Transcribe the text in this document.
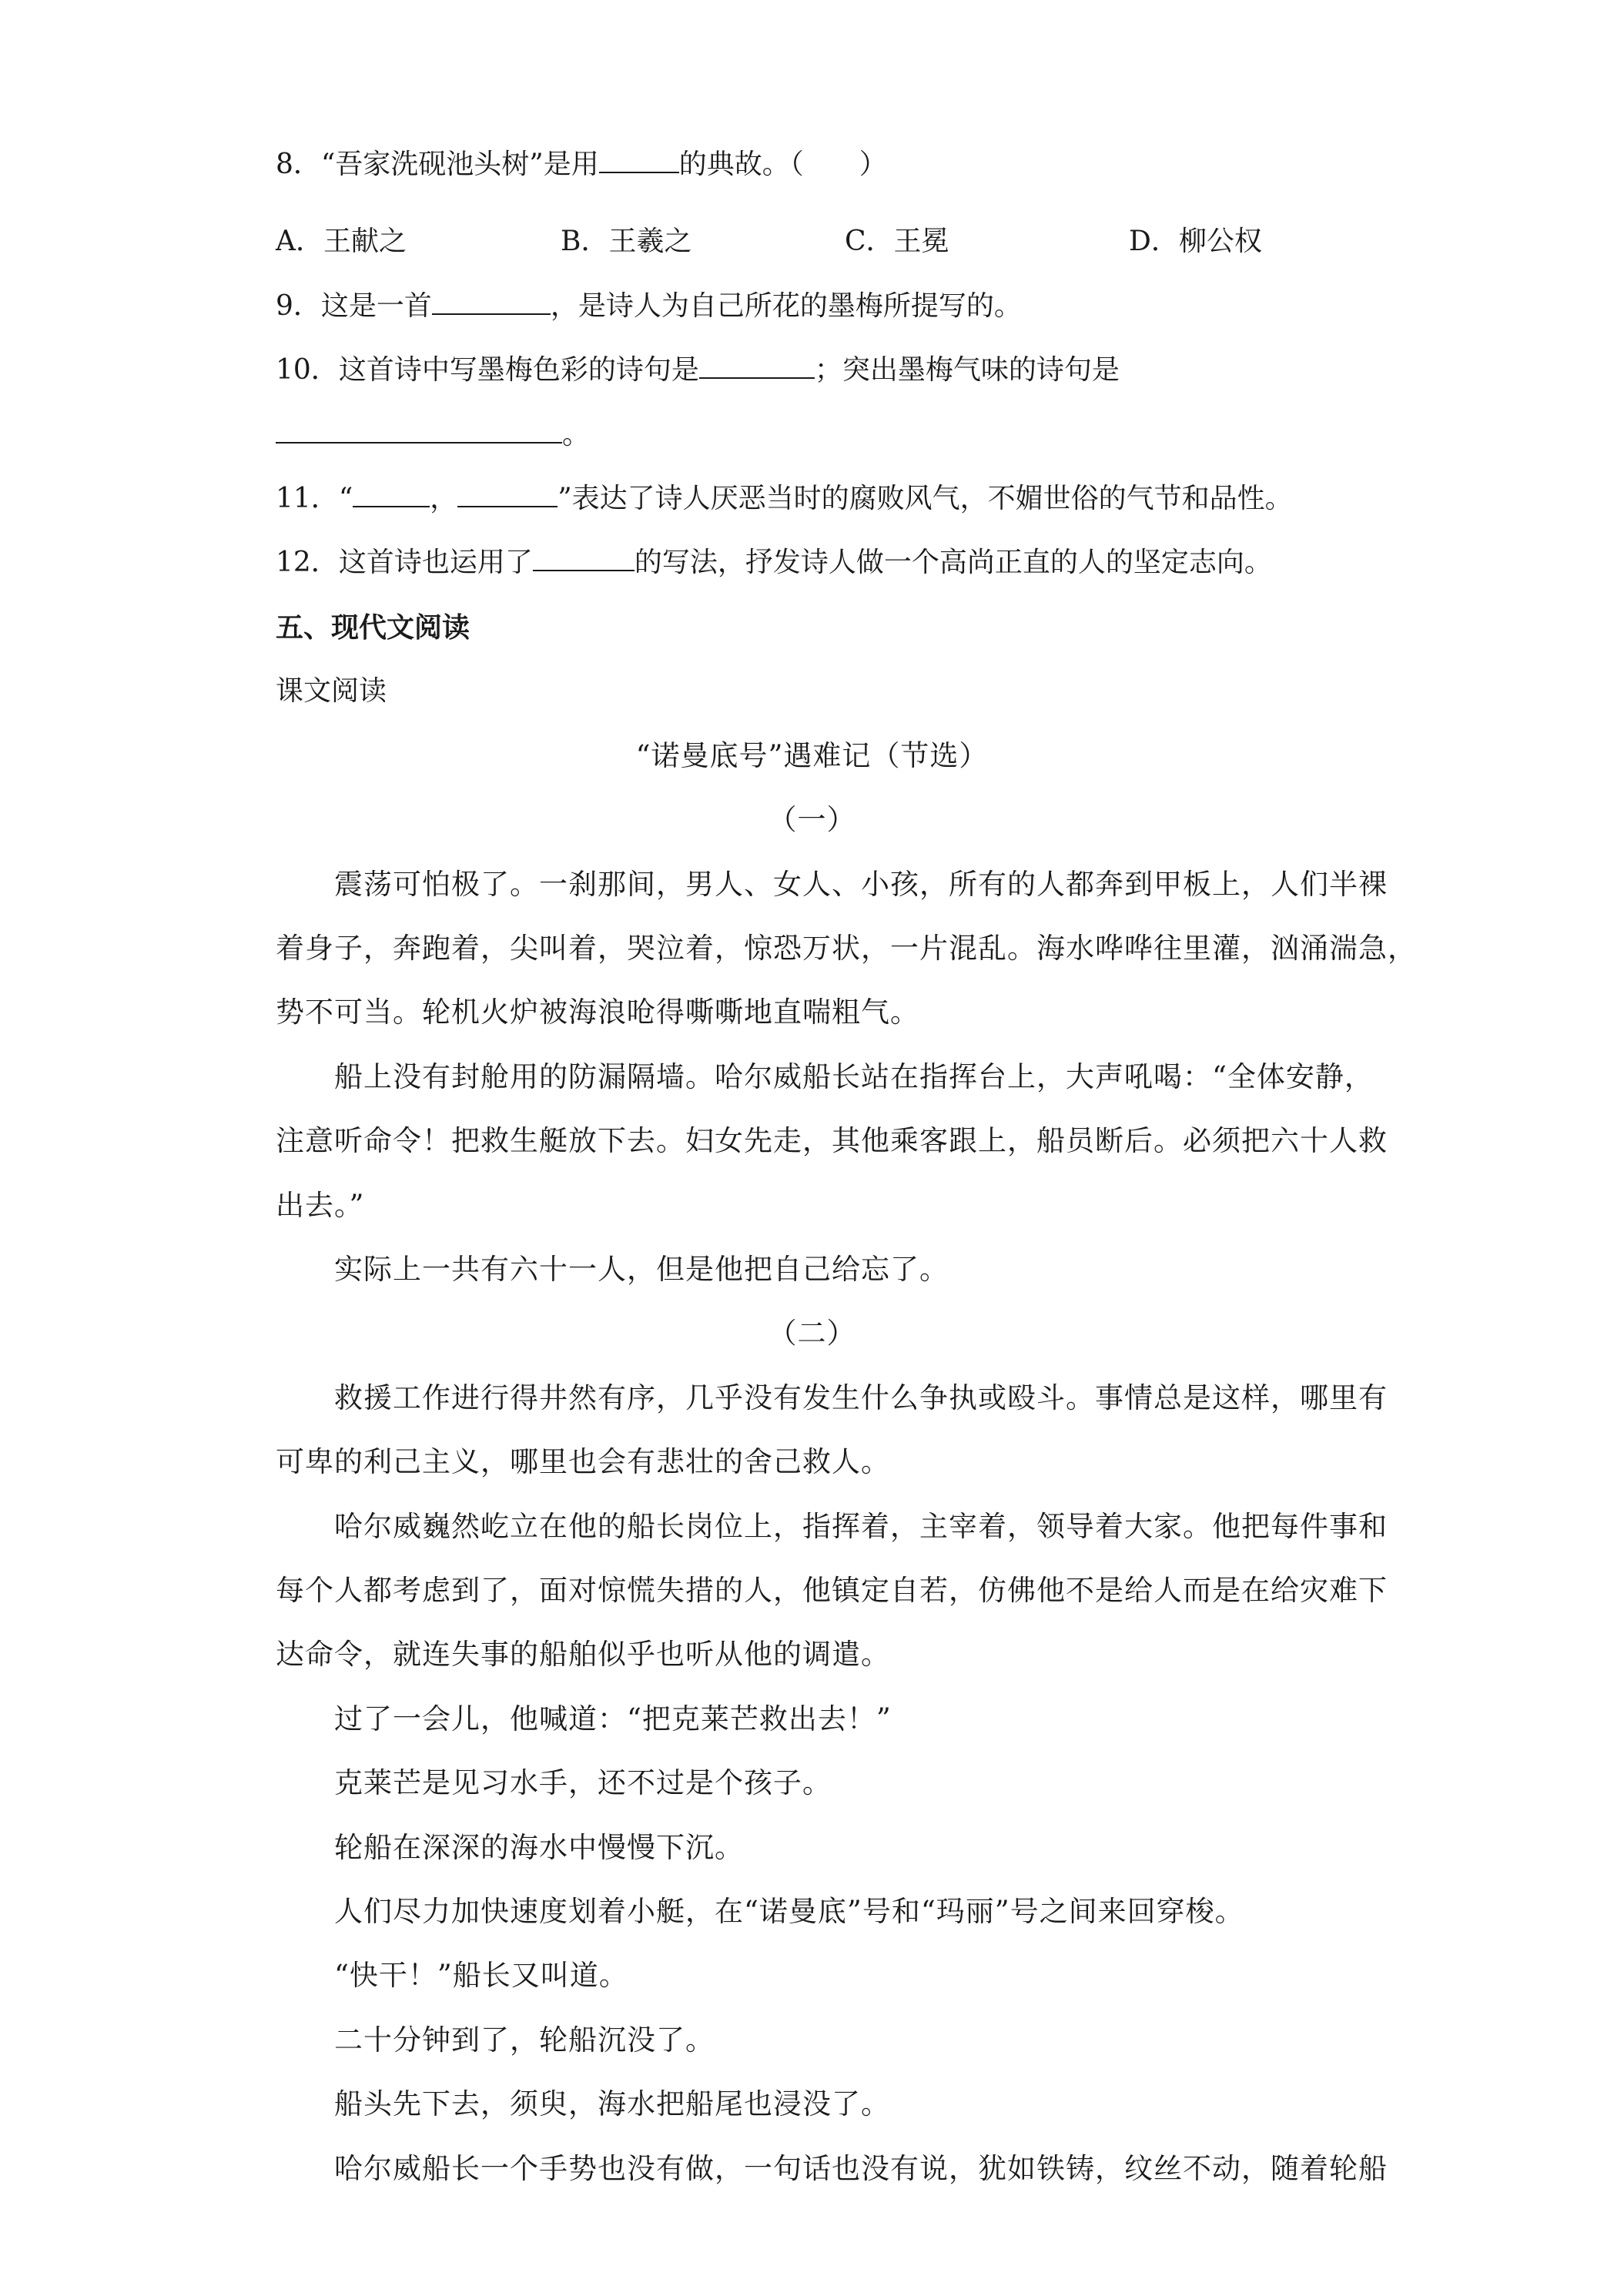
8．“吾家洗砚池头树”是用	的典故。（　　）

A．王献之	B．王羲之	C．王冕	D．柳公权

9．这是一首	，是诗人为自己所花的墨梅所提写的。

10．这首诗中写墨梅色彩的诗句是	；突出墨梅气味的诗句是

。

11．“	，	”表达了诗人厌恶当时的腐败风气，不媚世俗的气节和品性。

12．这首诗也运用了	的写法，抒发诗人做一个高尚正直的人的坚定志向。

五、现代文阅读

课文阅读

“诺曼底号”遇难记（节选）

（一）

震荡可怕极了。一刹那间，男人、女人、小孩，所有的人都奔到甲板上，人们半裸

着身子，奔跑着，尖叫着，哭泣着，惊恐万状，一片混乱。海水哗哗往里灌，汹涌湍急，

势不可当。轮机火炉被海浪呛得嘶嘶地直喘粗气。

船上没有封舱用的防漏隔墙。哈尔威船长站在指挥台上，大声吼喝：“全体安静，

注意听命令！把救生艇放下去。妇女先走，其他乘客跟上，船员断后。必须把六十人救

出去。”

实际上一共有六十一人，但是他把自己给忘了。

（二）

救援工作进行得井然有序，几乎没有发生什么争执或殴斗。事情总是这样，哪里有

可卑的利己主义，哪里也会有悲壮的舍己救人。

哈尔威巍然屹立在他的船长岗位上，指挥着，主宰着，领导着大家。他把每件事和

每个人都考虑到了，面对惊慌失措的人，他镇定自若，仿佛他不是给人而是在给灾难下

达命令，就连失事的船舶似乎也听从他的调遣。

过了一会儿，他喊道：“把克莱芒救出去！”

克莱芒是见习水手，还不过是个孩子。

轮船在深深的海水中慢慢下沉。

人们尽力加快速度划着小艇，在“诺曼底”号和“玛丽”号之间来回穿梭。

“快干！”船长又叫道。

二十分钟到了，轮船沉没了。

船头先下去，须臾，海水把船尾也浸没了。

哈尔威船长一个手势也没有做，一句话也没有说，犹如铁铸，纹丝不动，随着轮船
